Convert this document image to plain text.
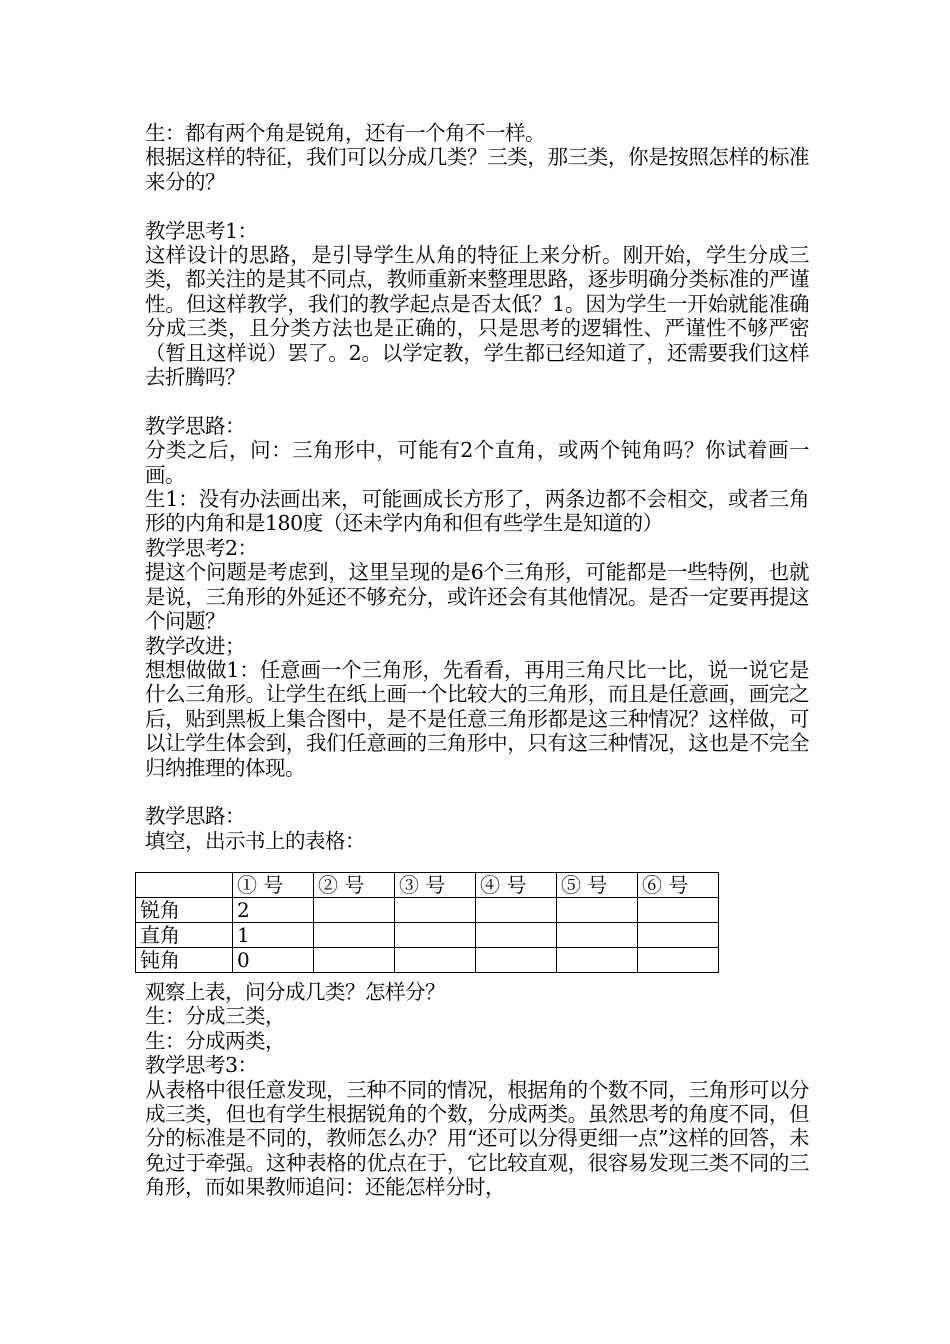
生：都有两个角是锐角，还有一个角不一样。

根据这样的特征，我们可以分成几类？三类，那三类，你是按照怎样的标准来分的？

教学思考1：

这样设计的思路，是引导学生从角的特征上来分析。刚开始，学生分成三类，都关注的是其不同点，教师重新来整理思路，逐步明确分类标准的严谨性。但这样教学，我们的教学起点是否太低？1。因为学生一开始就能准确分成三类，且分类方法也是正确的，只是思考的逻辑性、严谨性不够严密（暂且这样说）罢了。2。以学定教，学生都已经知道了，还需要我们这样去折腾吗？

教学思路：

分类之后，问：三角形中，可能有2个直角，或两个钝角吗？你试着画一画。

生1：没有办法画出来，可能画成长方形了，两条边都不会相交，或者三角形的内角和是180度（还未学内角和但有些学生是知道的）

教学思考2：

提这个问题是考虑到，这里呈现的是6个三角形，可能都是一些特例，也就是说，三角形的外延还不够充分，或许还会有其他情况。是否一定要再提这个问题？

教学改进；

想想做做1：任意画一个三角形，先看看，再用三角尺比一比，说一说它是什么三角形。让学生在纸上画一个比较大的三角形，而且是任意画，画完之后，贴到黑板上集合图中，是不是任意三角形都是这三种情况？这样做，可以让学生体会到，我们任意画的三角形中，只有这三种情况，这也是不完全归纳推理的体现。

教学思路：

填空，出示书上的表格：

	① 号	② 号	③ 号	④ 号	⑤ 号	⑥ 号
锐角	2					
直角	1					
钝角	0					

观察上表，问分成几类？怎样分？

生：分成三类，

生：分成两类，

教学思考3：

从表格中很任意发现，三种不同的情况，根据角的个数不同，三角形可以分成三类，但也有学生根据锐角的个数，分成两类。虽然思考的角度不同，但分的标准是不同的，教师怎么办？用“还可以分得更细一点”这样的回答，未免过于牵强。这种表格的优点在于，它比较直观，很容易发现三类不同的三角形，而如果教师追问：还能怎样分时，
